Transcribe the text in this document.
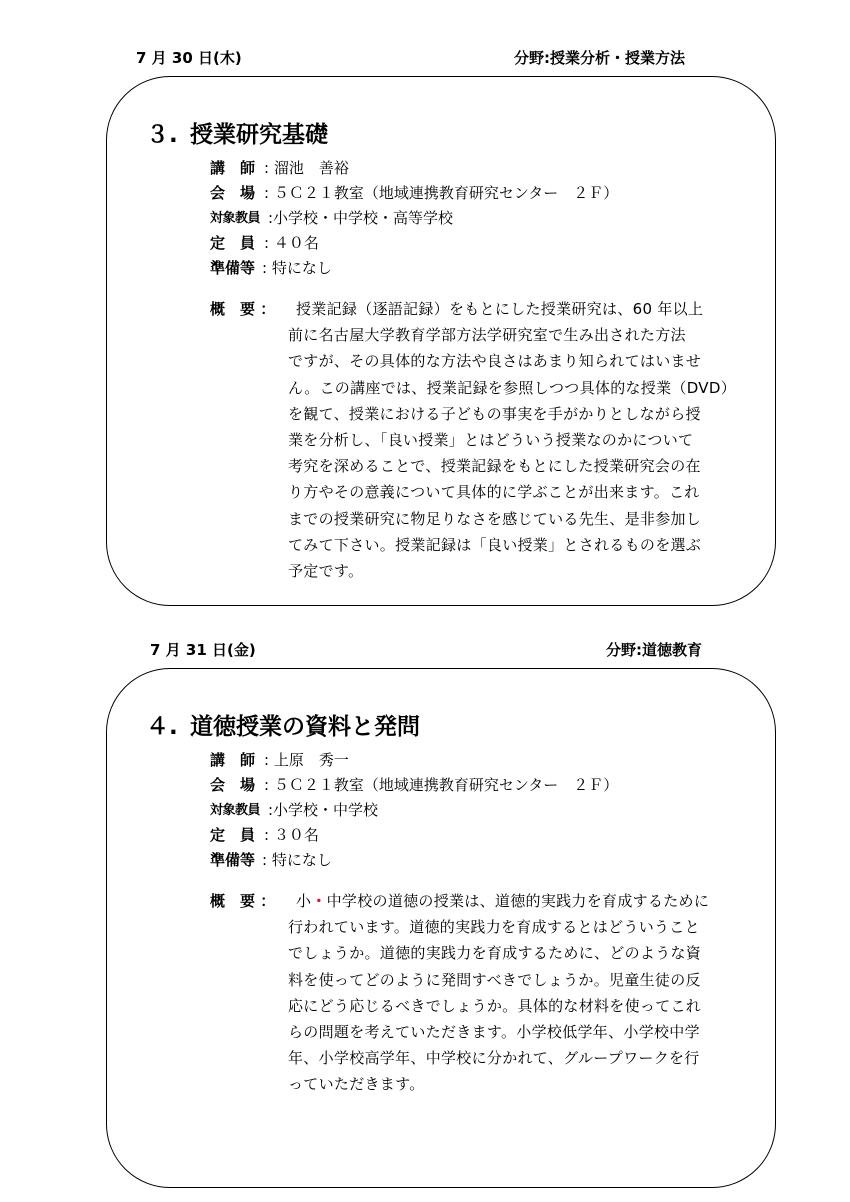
7 月 30 日(木)	分野:授業分析・授業方法
３. 授業研究基礎
講　師 : 溜池　善裕
会　場 : ５Ｃ２１教室（地域連携教育研究センター　２Ｆ）
対象教員 :小学校・中学校・高等学校
定　員 : ４０名
準備等 : 特になし
概　要 ：	授業記録（逐語記録）をもとにした授業研究は、60 年以上
前に名古屋大学教育学部方法学研究室で生み出された方法
ですが、その具体的な方法や良さはあまり知られてはいませ
ん。この講座では、授業記録を参照しつつ具体的な授業（DVD）
を観て、授業における子どもの事実を手がかりとしながら授
業を分析し、「良い授業」とはどういう授業なのかについて
考究を深めることで、授業記録をもとにした授業研究会の在
り方やその意義について具体的に学ぶことが出来ます。これ
までの授業研究に物足りなさを感じている先生、是非参加し
てみて下さい。授業記録は「良い授業」とされるものを選ぶ
予定です。
7 月 31 日(金)	分野:道徳教育
４. 道徳授業の資料と発問
講　師 : 上原　秀一
会　場 : ５Ｃ２１教室（地域連携教育研究センター　２Ｆ）
対象教員 :小学校・中学校
定　員 : ３０名
準備等 : 特になし
概　要 ：	小・中学校の道徳の授業は、道徳的実践力を育成するために
行われています。道徳的実践力を育成するとはどういうこと
でしょうか。道徳的実践力を育成するために、どのような資
料を使ってどのように発問すべきでしょうか。児童生徒の反
応にどう応じるべきでしょうか。具体的な材料を使ってこれ
らの問題を考えていただきます。小学校低学年、小学校中学
年、小学校高学年、中学校に分かれて、グループワークを行
っていただきます。
